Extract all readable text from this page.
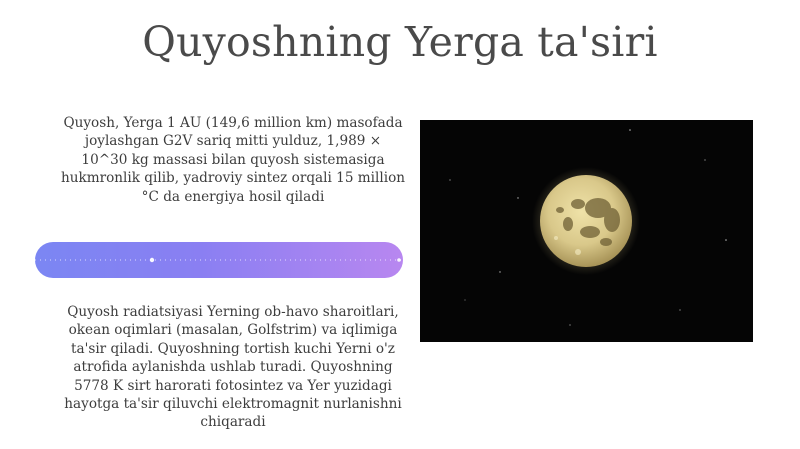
Quyoshning Yerga ta'siri
Quyosh, Yerga 1 AU (149,6 million km) masofada joylashgan G2V sariq mitti yulduz, 1,989 × 10^30 kg massasi bilan quyosh sistemasiga hukmronlik qilib, yadroviy sintez orqali 15 million °C da energiya hosil qiladi
Quyosh radiatsiyasi Yerning ob-havo sharoitlari, okean oqimlari (masalan, Golfstrim) va iqlimiga ta'sir qiladi. Quyoshning tortish kuchi Yerni o'z atrofida aylanishda ushlab turadi. Quyoshning 5778 K sirt harorati fotosintez va Yer yuzidagi hayotga ta'sir qiluvchi elektromagnit nurlanishni chiqaradi
